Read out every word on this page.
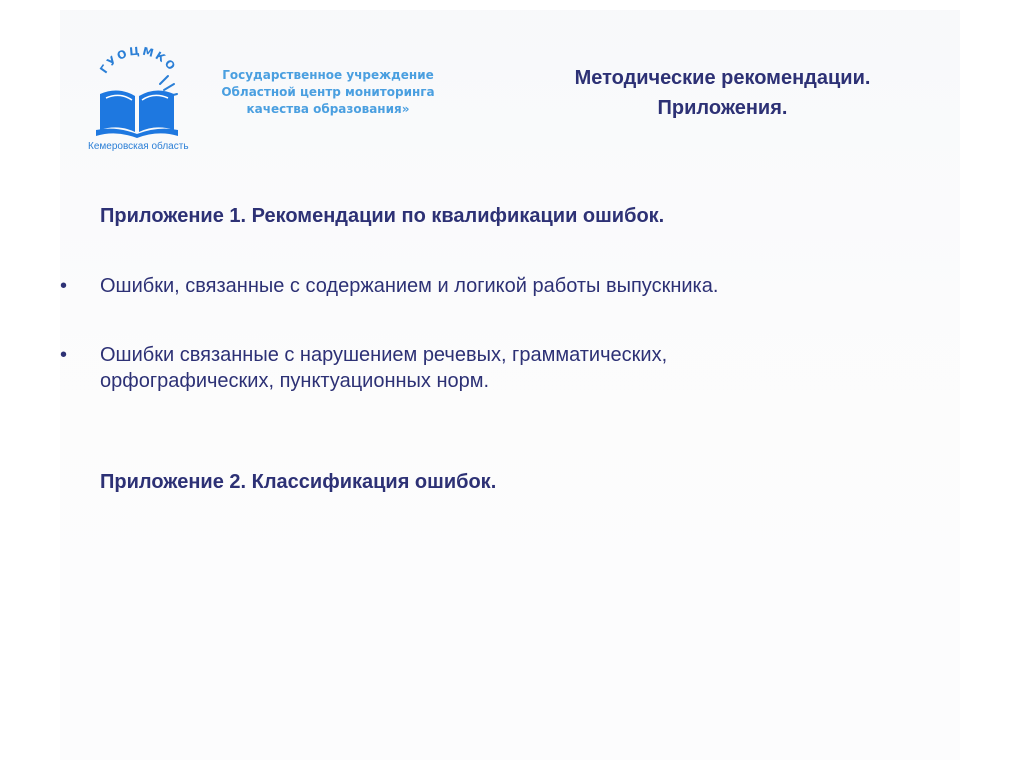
ГУОЦМКО
Кемеровская область
Государственное учреждение
Областной центр мониторинга
качества образования»
Методические рекомендации.
Приложения.
Приложение 1. Рекомендации по квалификации ошибок.
•	Ошибки, связанные с содержанием и логикой работы выпускника.
•	Ошибки связанные с нарушением речевых, грамматических,
орфографических, пунктуационных норм.
Приложение 2. Классификация ошибок.
